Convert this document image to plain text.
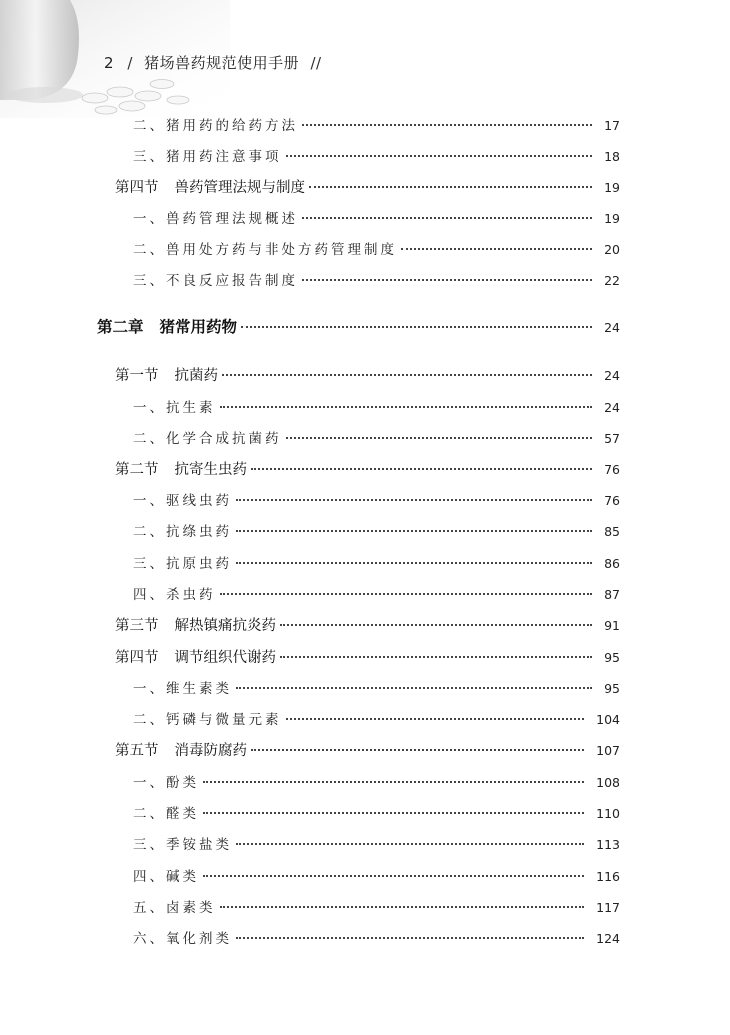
2 / 猪场兽药规范使用手册 //
二、猪用药的给药方法	17
三、猪用药注意事项	18
第四节 兽药管理法规与制度	19
一、兽药管理法规概述	19
二、兽用处方药与非处方药管理制度	20
三、不良反应报告制度	22
第二章 猪常用药物	24
第一节 抗菌药	24
一、抗生素	24
二、化学合成抗菌药	57
第二节 抗寄生虫药	76
一、驱线虫药	76
二、抗绦虫药	85
三、抗原虫药	86
四、杀虫药	87
第三节 解热镇痛抗炎药	91
第四节 调节组织代谢药	95
一、维生素类	95
二、钙磷与微量元素	104
第五节 消毒防腐药	107
一、酚类	108
二、醛类	110
三、季铵盐类	113
四、碱类	116
五、卤素类	117
六、氧化剂类	124
